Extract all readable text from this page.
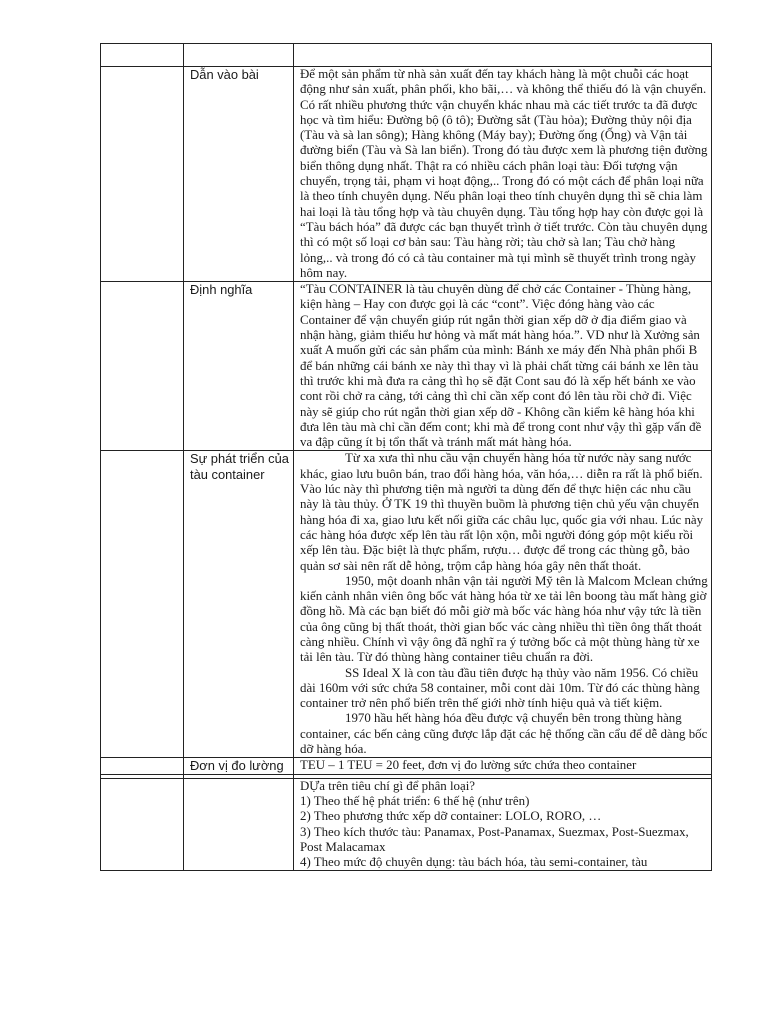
	Dẫn vào bài	Để một sản phẩm từ nhà sản xuất đến tay khách hàng là một chuỗi các hoạt động như sản xuất, phân phối, kho bãi,… và không thể thiếu đó là vận chuyển.

Có rất nhiều phương thức vận chuyển khác nhau mà các tiết trước ta đã được học và tìm hiểu: Đường bộ (ô tô); Đường sắt (Tàu hỏa); Đường thủy nội địa (Tàu và sà lan sông); Hàng không (Máy bay); Đường ống (Ống) và Vận tải đường biển (Tàu và Sà lan biển). Trong đó tàu được xem là phương tiện đường biển thông dụng nhất. Thật ra có nhiều cách phân loại tàu: Đối tượng vận chuyển, trọng tải, phạm vi hoạt động,.. Trong đó có một cách để phân loại nữa là theo tính chuyên dụng. Nếu phân loại theo tính chuyên dụng thì sẽ chia làm hai loại là tàu tổng hợp và tàu chuyên dụng. Tàu tổng hợp hay còn được gọi là “Tàu bách hóa” đã được các bạn thuyết trình ở tiết trước. Còn tàu chuyên dụng thì có một số loại cơ bản sau: Tàu hàng rời; tàu chở sà lan; Tàu chở hàng lỏng,.. và trong đó có cả tàu container mà tụi mình sẽ thuyết trình trong ngày hôm nay.

	Định nghĩa	“Tàu CONTAINER là tàu chuyên dùng để chở các Container - Thùng hàng, kiện hàng – Hay con được gọi là các “cont”. Việc đóng hàng vào các Container để vận chuyển giúp rút ngắn thời gian xếp dỡ ở địa điểm giao và nhận hàng, giảm thiểu hư hỏng và mất mát hàng hóa.”. VD như là Xưởng sản xuất A muốn gửi các sản phẩm của mình: Bánh xe máy đến Nhà phân phối B để bán những cái bánh xe này thì thay vì là phải chất từng cái bánh xe lên tàu thì trước khi mà đưa ra cảng thì họ sẽ đặt Cont sau đó là xếp hết bánh xe vào cont rồi chở ra cảng, tới cảng thì chỉ cần xếp cont đó lên tàu rồi chở đi. Việc này sẽ giúp cho rút ngắn thời gian xếp dỡ - Không cần kiểm kê hàng hóa khi đưa lên tàu mà chỉ cần đếm cont; khi mà để trong cont như vậy thì gặp vấn đề va đập cũng ít bị tổn thất và tránh mất mát hàng hóa.

	Sự phát triển của tàu container	Từ xa xưa thì nhu cầu vận chuyển hàng hóa từ nước này sang nước khác, giao lưu buôn bán, trao đổi hàng hóa, văn hóa,… diễn ra rất là phổ biến. Vào lúc này thì phương tiện mà người ta dùng đến để thực hiện các nhu cầu này là tàu thủy. Ở TK 19 thì thuyền buồm là phương tiện chủ yếu vận chuyển hàng hóa đi xa, giao lưu kết nối giữa các châu lục, quốc gia với nhau. Lúc này các hàng hóa được xếp lên tàu rất lộn xộn, mỗi người đóng góp một kiểu rồi xếp lên tàu. Đặc biệt là thực phẩm, rượu… được để trong các thùng gỗ, bảo quản sơ sài nên rất dễ hỏng, trộm cắp hàng hóa gây nên thất thoát.

1950, một doanh nhân vận tải người Mỹ tên là Malcom Mclean chứng kiến cảnh nhân viên ông bốc vát hàng hóa từ xe tải lên boong tàu mất hàng giờ đồng hồ. Mà các bạn biết đó mỗi giờ mà bốc vác hàng hóa như vậy tức là tiền của ông cũng bị thất thoát, thời gian bốc vác càng nhiều thì tiền ông thất thoát càng nhiều. Chính vì vậy ông đã nghĩ ra ý tưởng bốc cả một thùng hàng từ xe tải lên tàu. Từ đó thùng hàng container tiêu chuẩn ra đời.

SS Ideal X là con tàu đầu tiên được hạ thủy vào năm 1956. Có chiều dài 160m với sức chứa 58 container, mỗi cont dài 10m. Từ đó các thùng hàng container trở nên phổ biến trên thế giới nhờ tính hiệu quả và tiết kiệm.

1970 hầu hết hàng hóa đều được vậ chuyển bên trong thùng hàng container, các bến cảng cũng được lắp đặt các hệ thống cần cẩu để dễ dàng bốc dỡ hàng hóa.

	Đơn vị đo lường	TEU – 1 TEU = 20 feet, đơn vị đo lường sức chứa theo container

		DỰa trên tiêu chí gì để phân loại?

1) Theo thế hệ phát triển: 6 thế hệ (như trên)

2) Theo phương thức xếp dỡ container: LOLO, RORO, …

3) Theo kích thước tàu: Panamax, Post-Panamax, Suezmax, Post-Suezmax, Post Malacamax

4) Theo mức độ chuyên dụng: tàu bách hóa, tàu semi-container, tàu
